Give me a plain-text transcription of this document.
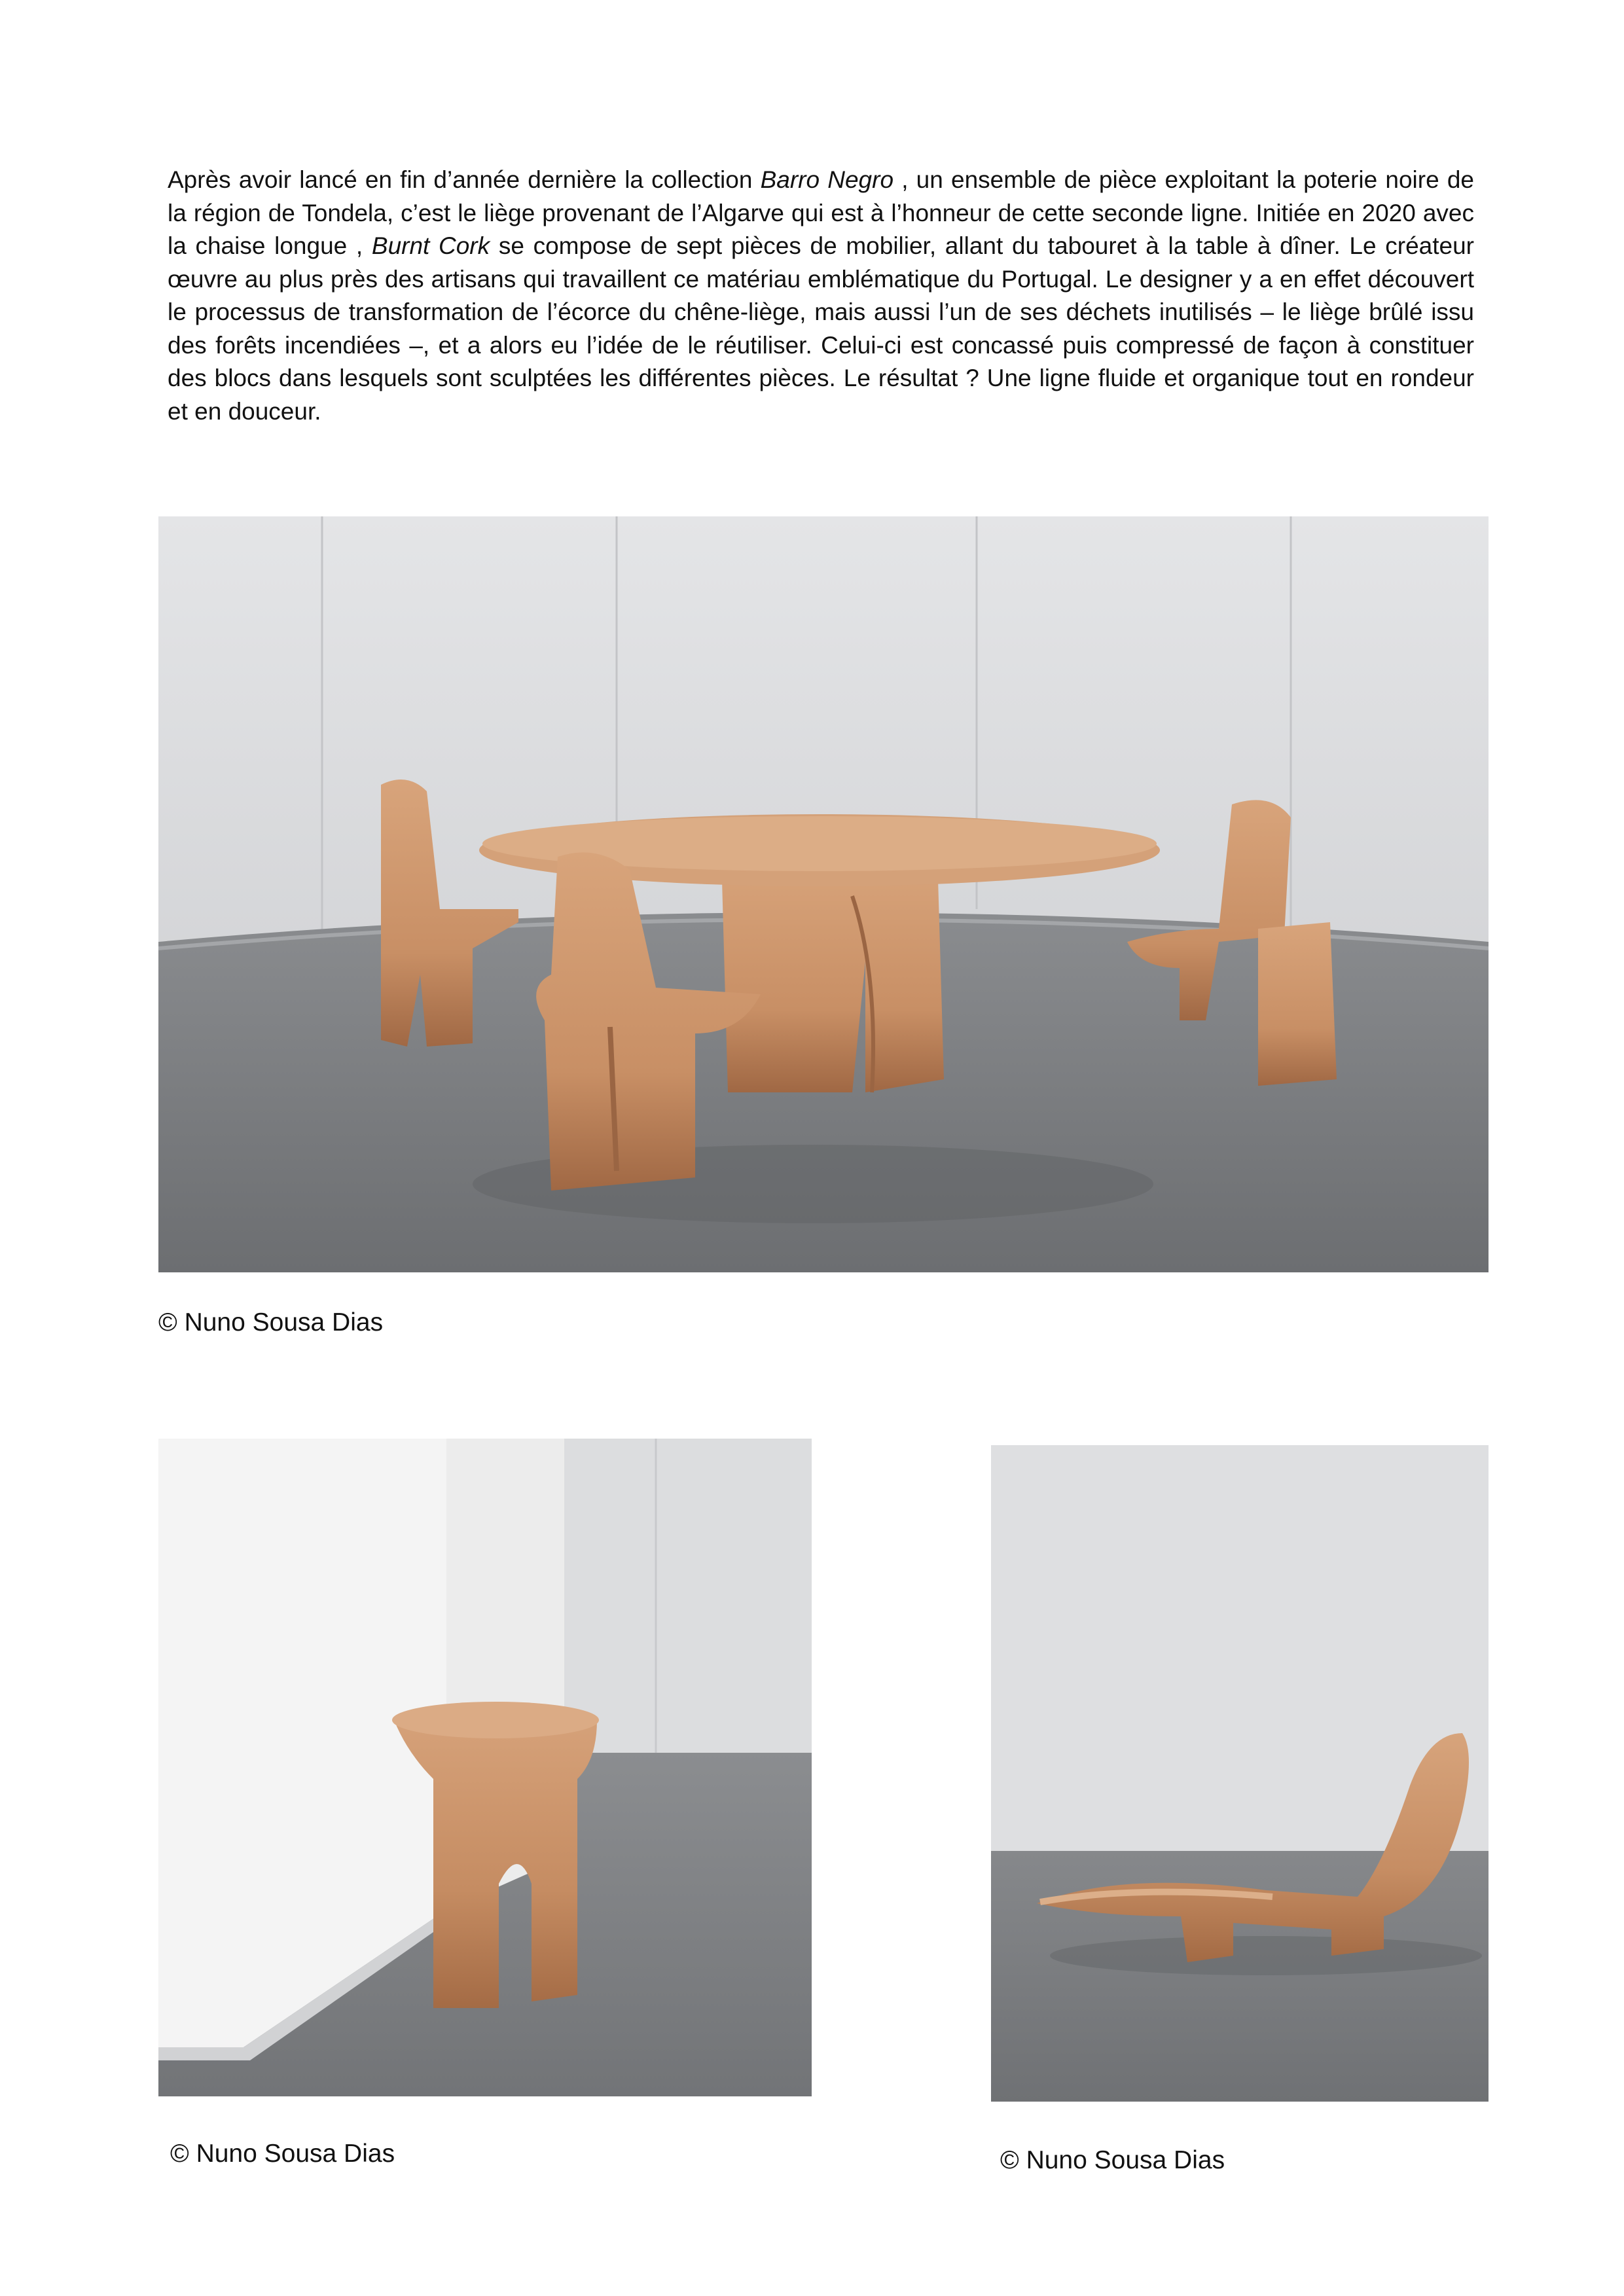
Après avoir lancé en fin d’année dernière la collection Barro Negro , un ensemble de pièce exploitant la poterie noire de la région de Tondela, c’est le liège provenant de l’Algarve qui est à l’honneur de cette seconde ligne. Initiée en 2020 avec la chaise longue , Burnt Cork se compose de sept pièces de mobilier, allant du tabouret à la table à dîner. Le créateur œuvre au plus près des artisans qui travaillent ce matériau emblématique du Portugal. Le designer y a en effet découvert le processus de transformation de l’écorce du chêne-liège, mais aussi l’un de ses déchets inutilisés – le liège brûlé issu des forêts incendiées –, et a alors eu l’idée de le réutiliser. Celui-ci est concassé puis compressé de façon à constituer des blocs dans lesquels sont sculptées les différentes pièces. Le résultat ? Une ligne fluide et organique tout en rondeur et en douceur.

© Nuno Sousa Dias
© Nuno Sousa Dias	© Nuno Sousa Dias
